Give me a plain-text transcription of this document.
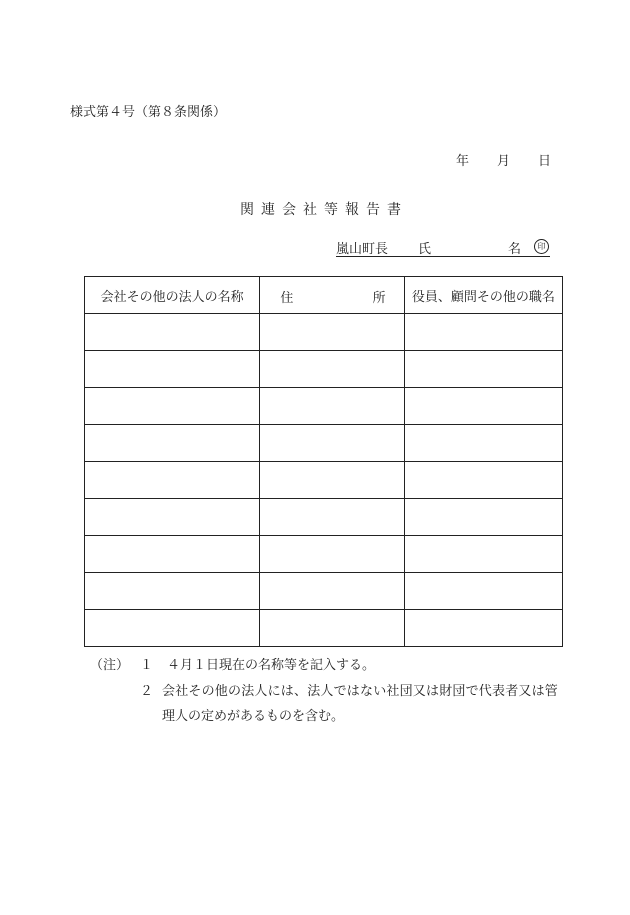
様式第４号（第８条関係）
年 月 日
関連会社等報告書
嵐山町長 氏	名	印
会社その他の法人の名称	住 所	役員、顧問その他の職名

（注） １ ４月１日現在の名称等を記入する。
２ 会社その他の法人には、法人ではない社団又は財団で代表者又は管
理人の定めがあるものを含む。
